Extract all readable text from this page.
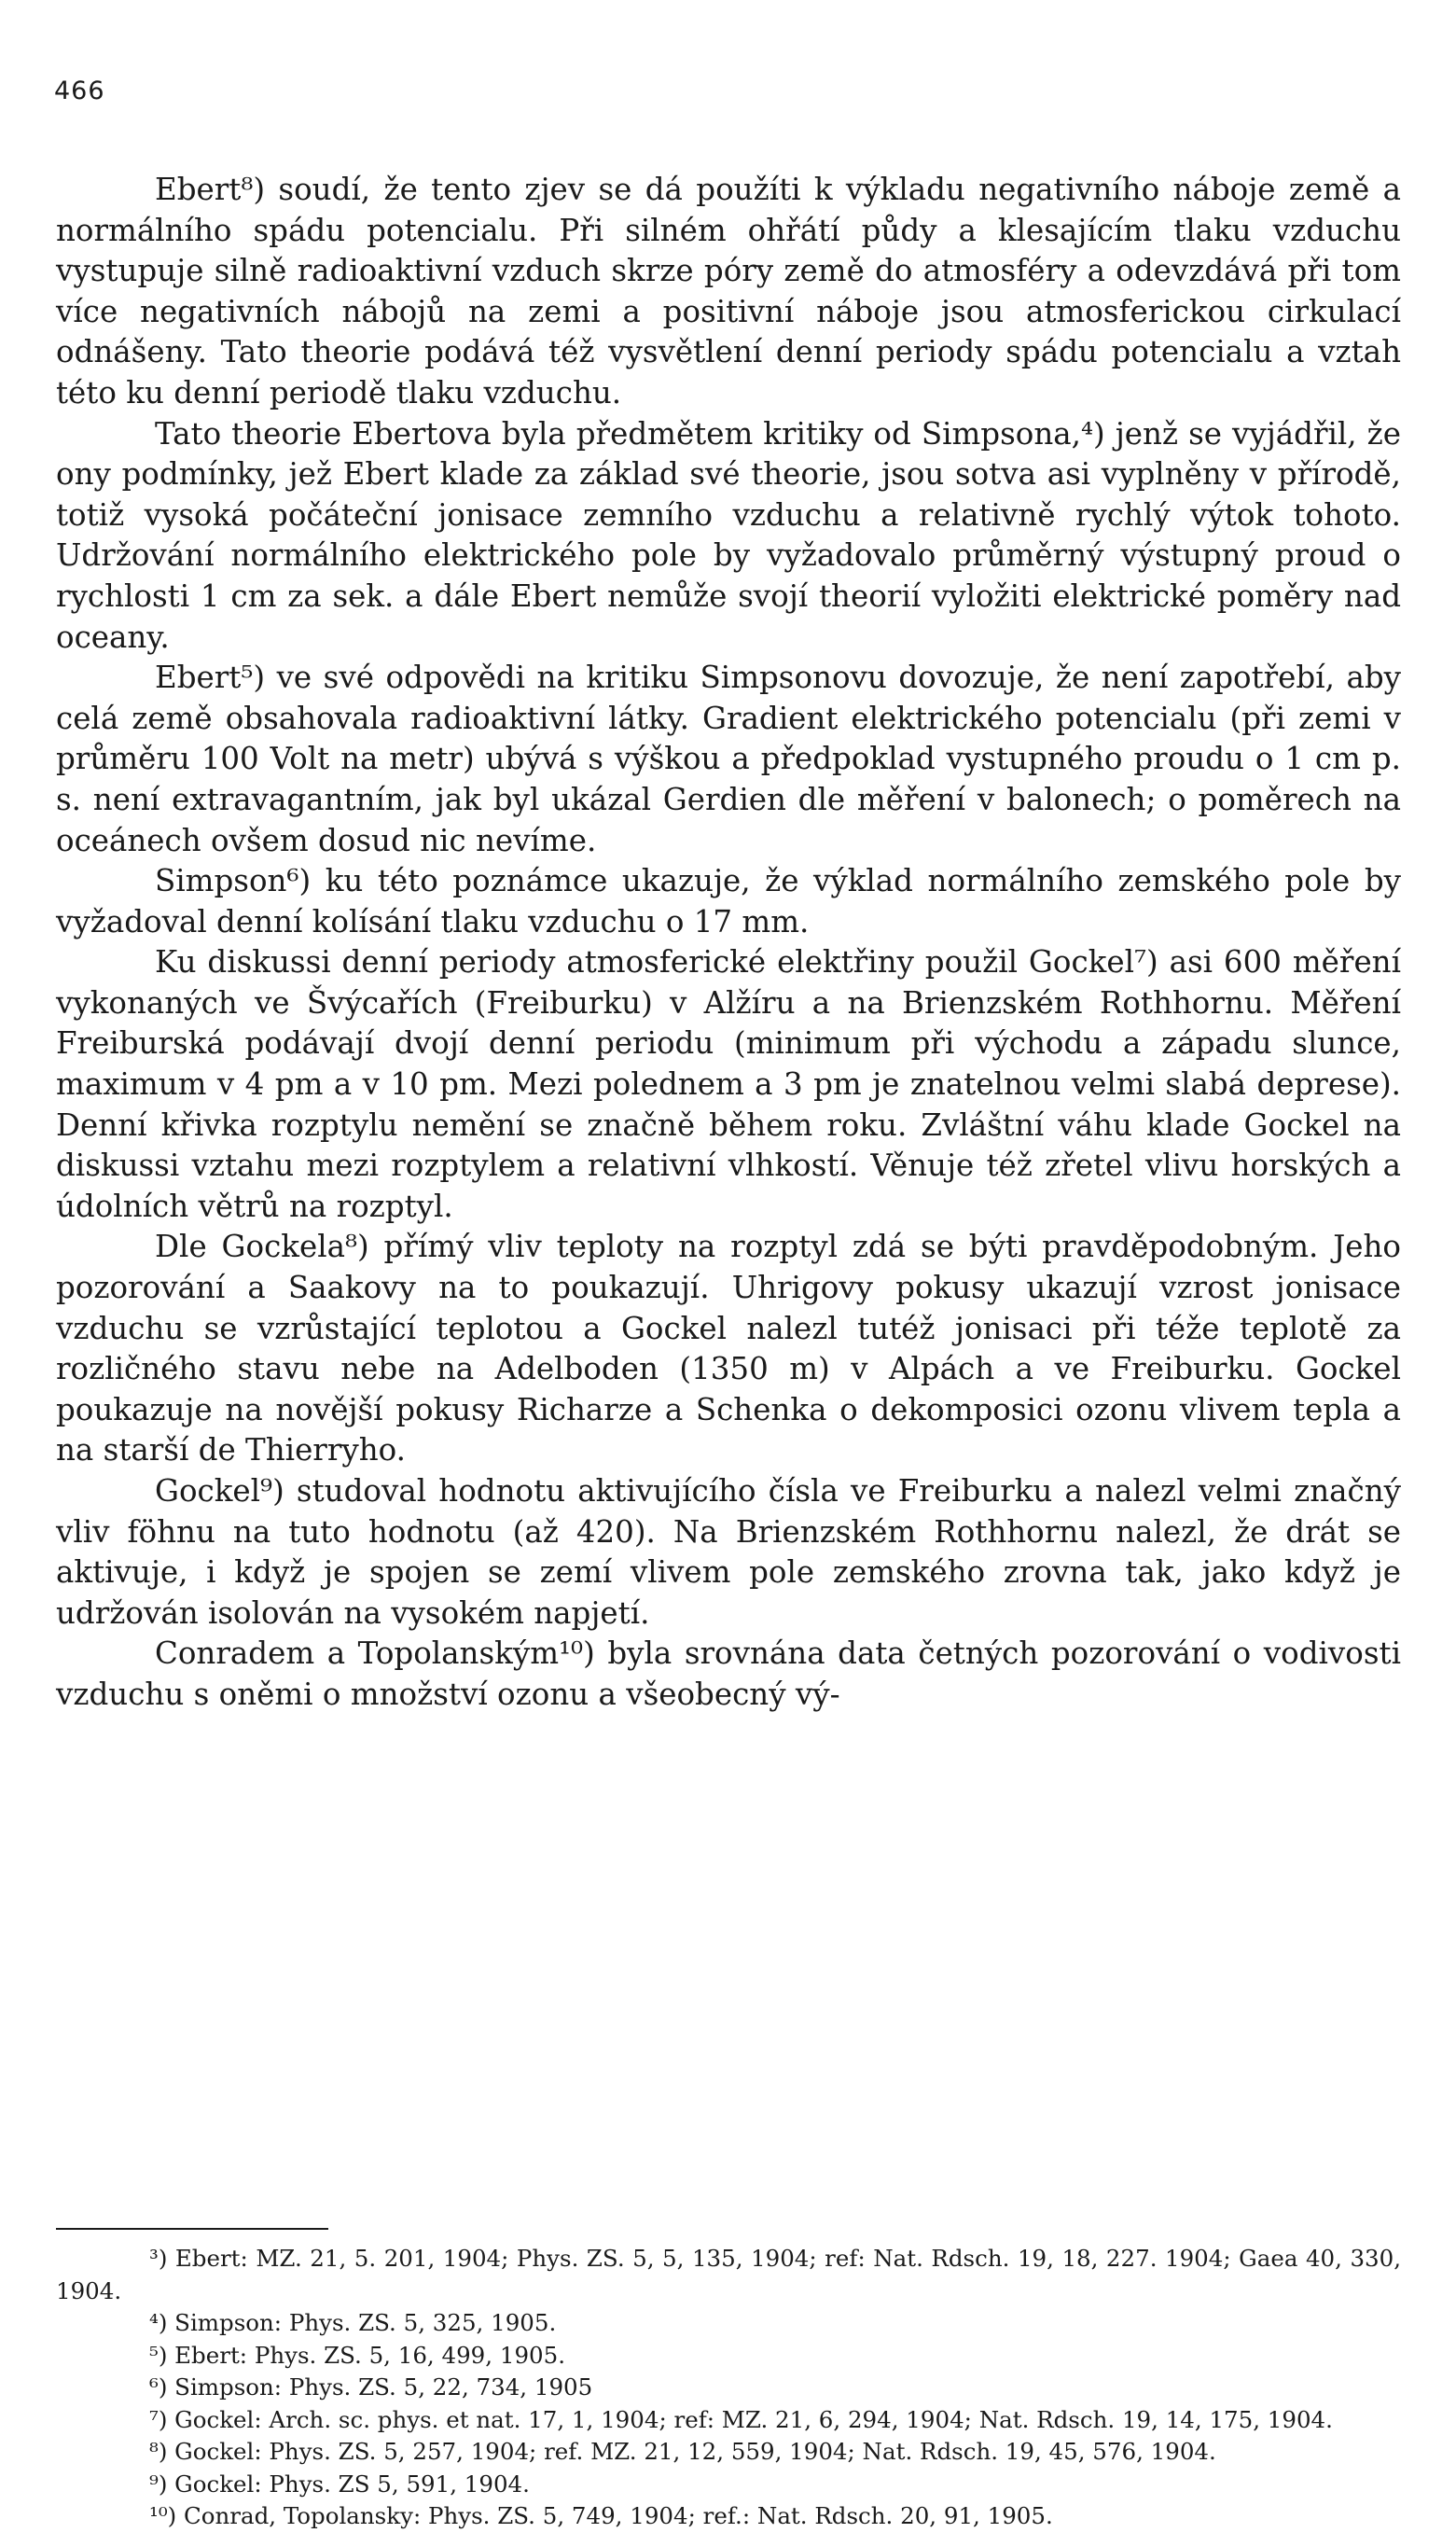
466

Ebert⁸) soudí, že tento zjev se dá použíti k výkladu negativního náboje země a normálního spádu potencialu. Při silném ohřátí půdy a klesajícím tlaku vzduchu vystupuje silně radioaktivní vzduch skrze póry země do atmosféry a odevzdává při tom více negativních nábojů na zemi a positivní náboje jsou atmosferickou cirkulací odnášeny. Tato theorie podává též vysvětlení denní periody spádu potencialu a vztah této ku denní periodě tlaku vzduchu.

Tato theorie Ebertova byla předmětem kritiky od Simpsona,⁴) jenž se vyjádřil, že ony podmínky, jež Ebert klade za základ své theorie, jsou sotva asi vyplněny v přírodě, totiž vysoká počáteční jonisace zemního vzduchu a relativně rychlý výtok tohoto. Udržování normálního elektrického pole by vyžadovalo průměrný výstupný proud o rychlosti 1 cm za sek. a dále Ebert nemůže svojí theorií vyložiti elektrické poměry nad oceany.

Ebert⁵) ve své odpovědi na kritiku Simpsonovu dovozuje, že není zapotřebí, aby celá země obsahovala radioaktivní látky. Gradient elektrického potencialu (při zemi v průměru 100 Volt na metr) ubývá s výškou a předpoklad vystupného proudu o 1 cm p. s. není extravagantním, jak byl ukázal Gerdien dle měření v balonech; o poměrech na oceánech ovšem dosud nic nevíme.

Simpson⁶) ku této poznámce ukazuje, že výklad normálního zemského pole by vyžadoval denní kolísání tlaku vzduchu o 17 mm.

Ku diskussi denní periody atmosferické elektřiny použil Gockel⁷) asi 600 měření vykonaných ve Švýcařích (Freiburku) v Alžíru a na Brienzském Rothhornu. Měření Freiburská podávají dvojí denní periodu (minimum při východu a západu slunce, maximum v 4 pm a v 10 pm. Mezi polednem a 3 pm je znatelnou velmi slabá deprese). Denní křivka rozptylu nemění se značně během roku. Zvláštní váhu klade Gockel na diskussi vztahu mezi rozptylem a relativní vlhkostí. Věnuje též zřetel vlivu horských a údolních větrů na rozptyl.

Dle Gockela⁸) přímý vliv teploty na rozptyl zdá se býti pravděpodobným. Jeho pozorování a Saakovy na to poukazují. Uhrigovy pokusy ukazují vzrost jonisace vzduchu se vzrůstající teplotou a Gockel nalezl tutéž jonisaci při téže teplotě za rozličného stavu nebe na Adelboden (1350 m) v Alpách a ve Freiburku. Gockel poukazuje na novější pokusy Richarze a Schenka o dekomposici ozonu vlivem tepla a na starší de Thierryho.

Gockel⁹) studoval hodnotu aktivujícího čísla ve Freiburku a nalezl velmi značný vliv föhnu na tuto hodnotu (až 420). Na Brienzském Rothhornu nalezl, že drát se aktivuje, i když je spojen se zemí vlivem pole zemského zrovna tak, jako když je udržován isolován na vysokém napjetí.

Conradem a Topolanským¹⁰) byla srovnána data četných pozorování o vodivosti vzduchu s oněmi o množství ozonu a všeobecný vý-

³) Ebert: MZ. 21, 5. 201, 1904; Phys. ZS. 5, 5, 135, 1904; ref: Nat. Rdsch. 19, 18, 227. 1904; Gaea 40, 330, 1904.

⁴) Simpson: Phys. ZS. 5, 325, 1905.

⁵) Ebert: Phys. ZS. 5, 16, 499, 1905.

⁶) Simpson: Phys. ZS. 5, 22, 734, 1905

⁷) Gockel: Arch. sc. phys. et nat. 17, 1, 1904; ref: MZ. 21, 6, 294, 1904; Nat. Rdsch. 19, 14, 175, 1904.

⁸) Gockel: Phys. ZS. 5, 257, 1904; ref. MZ. 21, 12, 559, 1904; Nat. Rdsch. 19, 45, 576, 1904.

⁹) Gockel: Phys. ZS 5, 591, 1904.

¹⁰) Conrad, Topolansky: Phys. ZS. 5, 749, 1904; ref.: Nat. Rdsch. 20, 91, 1905.
